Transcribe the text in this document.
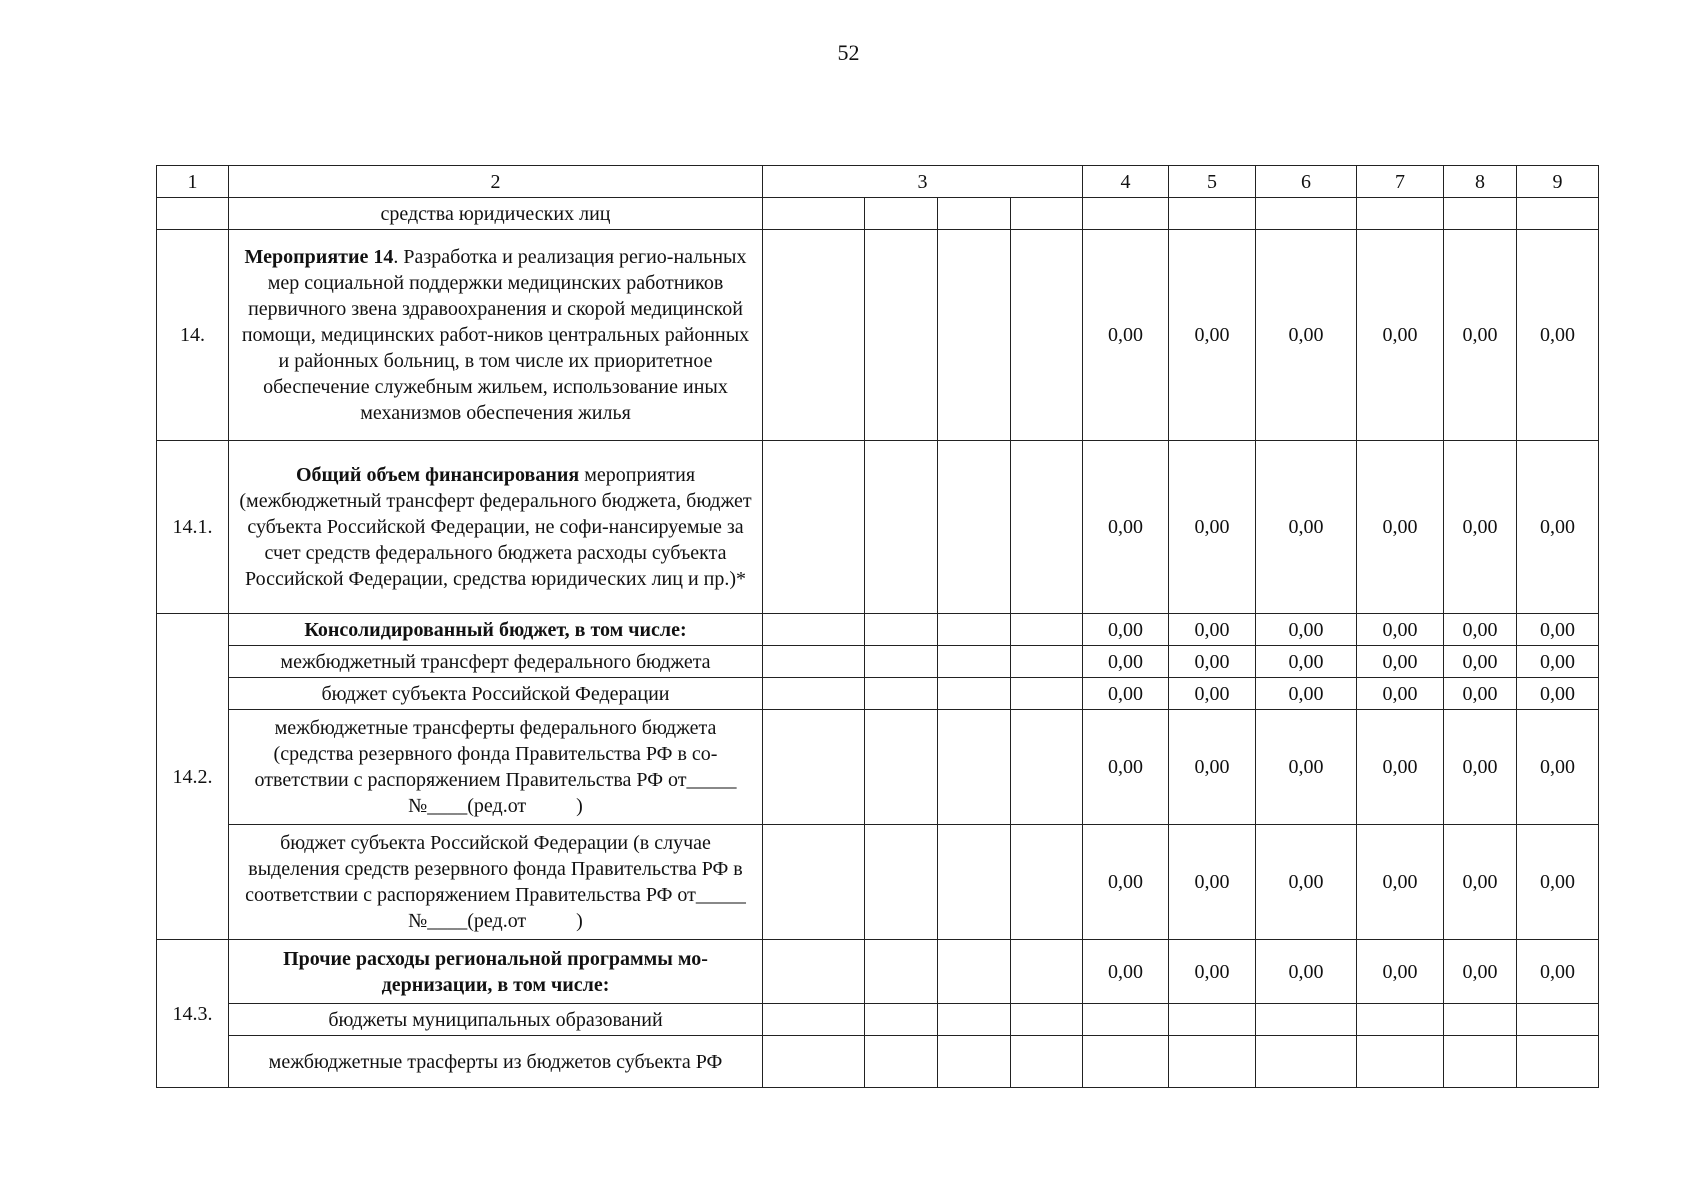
52
1	2	3				4	5	6	7	8	9
	средства юридических лиц										
14.	Мероприятие 14. Разработка и реализация регио-нальных мер социальной поддержки медицинских работников первичного звена здравоохранения и скорой медицинской помощи, медицинских работ-ников центральных районных и районных больниц, в том числе их приоритетное обеспечение служебным жильем, использование иных механизмов обеспечения жилья					0,00	0,00	0,00	0,00	0,00	0,00
14.1.	Общий объем финансирования мероприятия (межбюджетный трансферт федерального бюджета, бюджет субъекта Российской Федерации, не софи-нансируемые за счет средств федерального бюджета расходы субъекта Российской Федерации, средства юридических лиц и пр.)*					0,00	0,00	0,00	0,00	0,00	0,00
14.2.	Консолидированный бюджет, в том числе:					0,00	0,00	0,00	0,00	0,00	0,00
	межбюджетный трансферт федерального бюджета					0,00	0,00	0,00	0,00	0,00	0,00
	бюджет субъекта Российской Федерации					0,00	0,00	0,00	0,00	0,00	0,00
	межбюджетные трансферты федерального бюджета (средства резервного фонда Правительства РФ в со-ответствии с распоряжением Правительства РФ от_____ №____(ред.от          )					0,00	0,00	0,00	0,00	0,00	0,00
	бюджет субъекта Российской Федерации (в случае выделения средств резервного фонда Правительства РФ в соответствии с распоряжением Правительства РФ от_____ №____(ред.от          )					0,00	0,00	0,00	0,00	0,00	0,00
14.3.	Прочие расходы региональной программы мо-дернизации, в том числе:					0,00	0,00	0,00	0,00	0,00	0,00
	бюджеты муниципальных образований										
	межбюджетные трасферты из бюджетов субъекта РФ										
